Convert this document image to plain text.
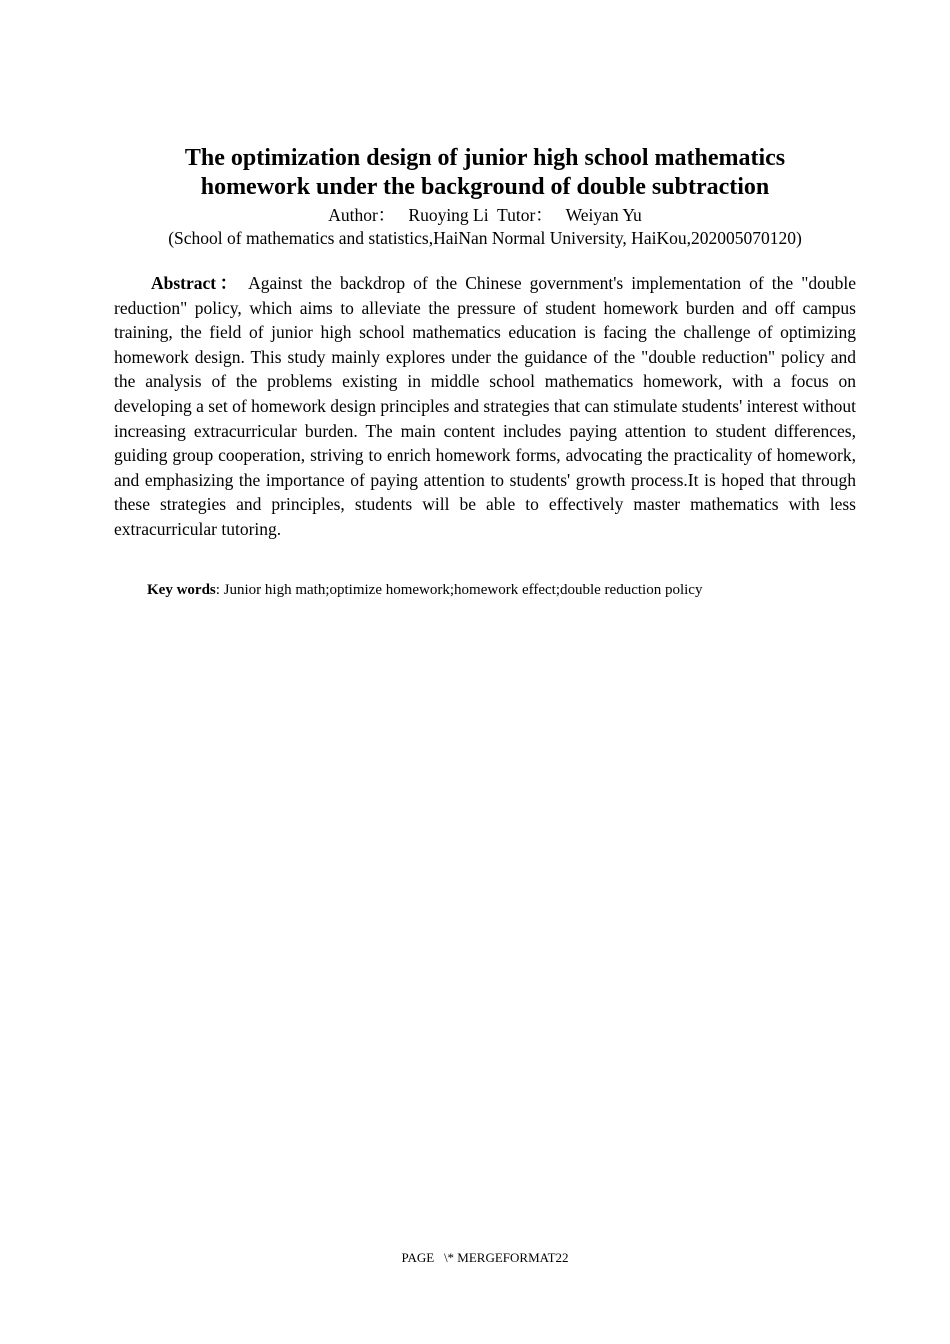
The optimization design of junior high school mathematics
homework under the background of double subtraction
Author： Ruoying Li Tutor： Weiyan Yu
(School of mathematics and statistics,HaiNan Normal University, HaiKou,202005070120)

Abstract： Against the backdrop of the Chinese government's implementation of the "double reduction" policy, which aims to alleviate the pressure of student homework burden and off campus training, the field of junior high school mathematics education is facing the challenge of optimizing homework design. This study mainly explores under the guidance of the "double reduction" policy and the analysis of the problems existing in middle school mathematics homework, with a focus on developing a set of homework design principles and strategies that can stimulate students' interest without increasing extracurricular burden. The main content includes paying attention to student differences, guiding group cooperation, striving to enrich homework forms, advocating the practicality of homework, and emphasizing the importance of paying attention to students' growth process.It is hoped that through these strategies and principles, students will be able to effectively master mathematics with less extracurricular tutoring.

Key words: Junior high math;optimize homework;homework effect;double reduction policy
PAGE   \* MERGEFORMAT22
